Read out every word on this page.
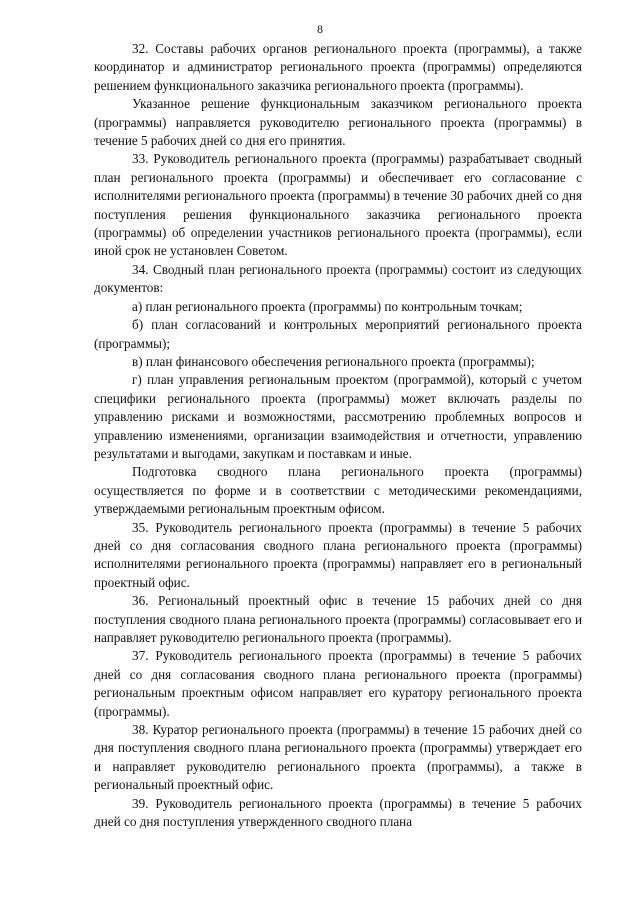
8

32. Составы рабочих органов регионального проекта (программы), а также координатор и администратор регионального проекта (программы) определяются решением функционального заказчика регионального проекта (программы).

Указанное решение функциональным заказчиком регионального проекта (программы) направляется руководителю регионального проекта (программы) в течение 5 рабочих дней со дня его принятия.

33. Руководитель регионального проекта (программы) разрабатывает сводный план регионального проекта (программы) и обеспечивает его согласование с исполнителями регионального проекта (программы) в течение 30 рабочих дней со дня поступления решения функционального заказчика регионального проекта (программы) об определении участников регионального проекта (программы), если иной срок не установлен Советом.

34. Сводный план регионального проекта (программы) состоит из следующих документов:

а) план регионального проекта (программы) по контрольным точкам;

б) план согласований и контрольных мероприятий регионального проекта (программы);

в) план финансового обеспечения регионального проекта (программы);

г) план управления региональным проектом (программой), который с учетом специфики регионального проекта (программы) может включать разделы по управлению рисками и возможностями, рассмотрению проблемных вопросов и управлению изменениями, организации взаимодействия и отчетности, управлению результатами и выгодами, закупкам и поставкам и иные.

Подготовка сводного плана регионального проекта (программы) осуществляется по форме и в соответствии с методическими рекомендациями, утверждаемыми региональным проектным офисом.

35. Руководитель регионального проекта (программы) в течение 5 рабочих дней со дня согласования сводного плана регионального проекта (программы) исполнителями регионального проекта (программы) направляет его в региональный проектный офис.

36. Региональный проектный офис в течение 15 рабочих дней со дня поступления сводного плана регионального проекта (программы) согласовывает его и направляет руководителю регионального проекта (программы).

37. Руководитель регионального проекта (программы) в течение 5 рабочих дней со дня согласования сводного плана регионального проекта (программы) региональным проектным офисом направляет его куратору регионального проекта (программы).

38. Куратор регионального проекта (программы) в течение 15 рабочих дней со дня поступления сводного плана регионального проекта (программы) утверждает его и направляет руководителю регионального проекта (программы), а также в региональный проектный офис.

39. Руководитель регионального проекта (программы) в течение 5 рабочих дней со дня поступления утвержденного сводного плана
